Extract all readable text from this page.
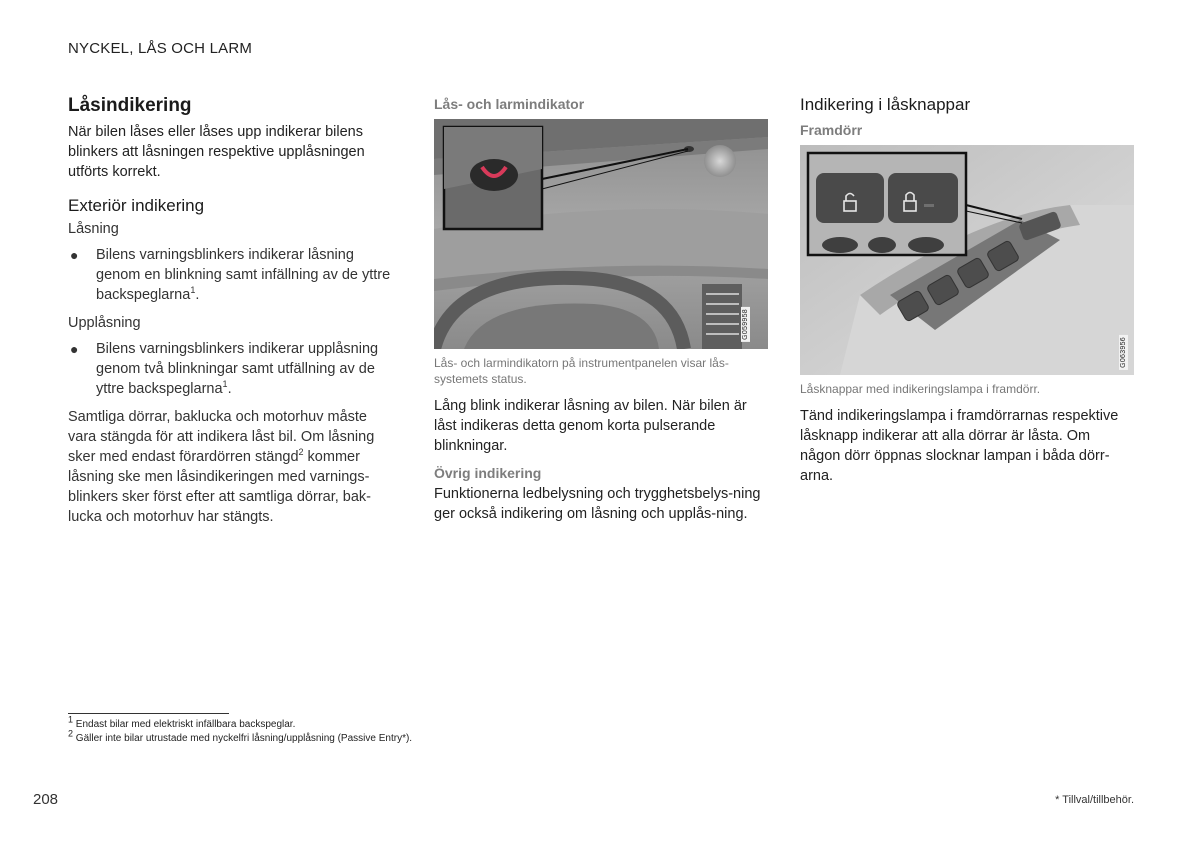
NYCKEL, LÅS OCH LARM
Låsindikering

När bilen låses eller låses upp indikerar bilens blinkers att låsningen respektive upplåsningen utförts korrekt.

Exteriör indikering
Låsning
● Bilens varningsblinkers indikerar låsning genom en blinkning samt infällning av de yttre backspeglarna$^1$.
Upplåsning
● Bilens varningsblinkers indikerar upplåsning genom två blinkningar samt utfällning av de yttre backspeglarna$^1$.

Samtliga dörrar, baklucka och motorhuv måste vara stängda för att indikera låst bil. Om låsning sker med endast förardörren stängd$^2$ kommer låsning ske men låsindikeringen med varnings-blinkers sker först efter att samtliga dörrar, bak-lucka och motorhuv har stängts.

Lås- och larmindikator
G059958
Lås- och larmindikatorn på instrumentpanelen visar lås-systemets status.

Lång blink indikerar låsning av bilen. När bilen är låst indikeras detta genom korta pulserande blinkningar.

Övrig indikering

Funktionerna ledbelysning och trygghetsbelys-ning ger också indikering om låsning och upplås-ning.

Indikering i låsknappar
Framdörr
G063956
Låsknappar med indikeringslampa i framdörr.

Tänd indikeringslampa i framdörrarnas respektive låsknapp indikerar att alla dörrar är låsta. Om någon dörr öppnas slocknar lampan i båda dörr-arna.

$^1$ Endast bilar med elektriskt infällbara backspeglar.
$^2$ Gäller inte bilar utrustade med nyckelfri låsning/upplåsning (Passive Entry*).
208	* Tillval/tillbehör.
